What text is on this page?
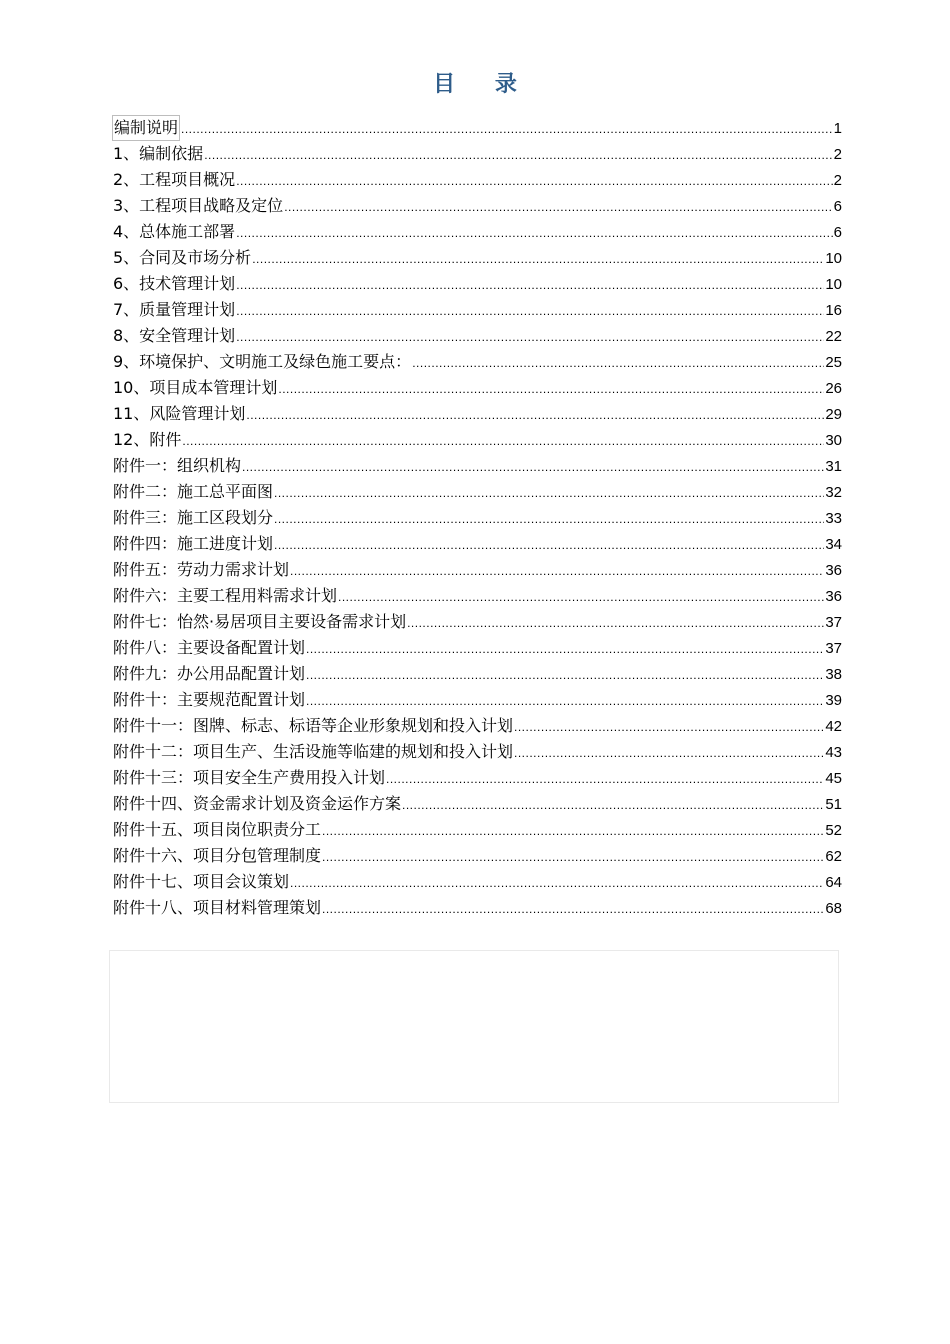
目 录
编制说明 .....	1
1、编制依据 .....	2
2、工程项目概况 .....	2
3、工程项目战略及定位 .....	6
4、总体施工部署 .....	6
5、合同及市场分析 .....	10
6、技术管理计划 .....	10
7、质量管理计划 .....	16
8、安全管理计划 .....	22
9、环境保护、文明施工及绿色施工要点： .....	25
10、项目成本管理计划 .....	26
11、风险管理计划 .....	29
12、附件 .....	30
附件一：组织机构 .....	31
附件二：施工总平面图 .....	32
附件三：施工区段划分 .....	33
附件四：施工进度计划 .....	34
附件五：劳动力需求计划 .....	36
附件六：主要工程用料需求计划 .....	36
附件七：怡然·易居项目主要设备需求计划 .....	37
附件八：主要设备配置计划 .....	37
附件九：办公用品配置计划 .....	38
附件十：主要规范配置计划 .....	39
附件十一：图牌、标志、标语等企业形象规划和投入计划 .....	42
附件十二：项目生产、生活设施等临建的规划和投入计划 .....	43
附件十三：项目安全生产费用投入计划 .....	45
附件十四、资金需求计划及资金运作方案 .....	51
附件十五、项目岗位职责分工 .....	52
附件十六、项目分包管理制度 .....	62
附件十七、项目会议策划 .....	64
附件十八、项目材料管理策划 .....	68
